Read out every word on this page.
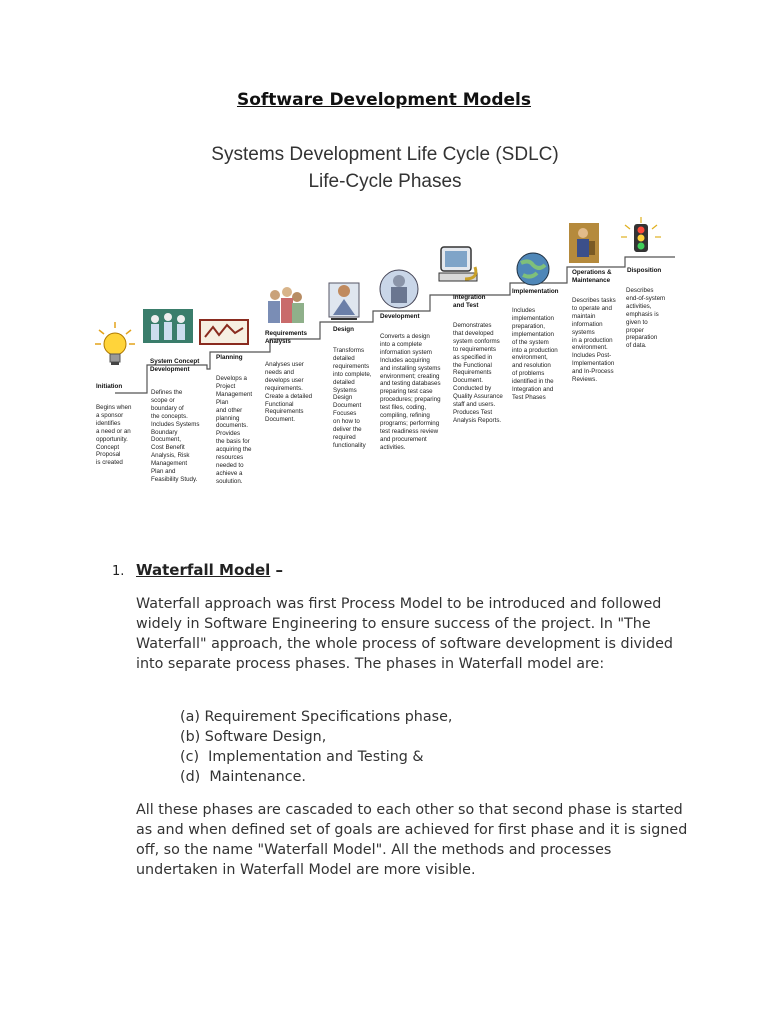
Software Development Models
Systems Development Life Cycle (SDLC)
Life-Cycle Phases
Initiation
System Concept
Development
Planning
Requirements
Analysis
Design
Development
Integration
and Test
Implementation
Operations &
Maintenance
Disposition
Begins when
a sponsor
identifies
a need or an
opportunity.
Concept
Proposal
is created
Defines the
scope or
boundary of
the concepts.
Includes Systems
Boundary
Document,
Cost Benefit
Analysis, Risk
Management
Plan and
Feasibility Study.
Develops a
Project
Management
Plan
and other
planning
documents.
Provides
the basis for
acquiring the
resources
needed to
achieve a
soulution.
Analyses user
needs and
develops user
requirements.
Create a detailed
Functional
Requirements
Document.
Transforms
detailed
requirements
into complete,
detailed
Systems
Design
Document
Focuses
on how to
deliver the
required
functionality
Converts a design
into a complete
information system
Includes acquiring
and installing systems
environment; creating
and testing databases
preparing test case
procedures; preparing
test files, coding,
compiling, refining
programs; performing
test readiness review
and procurement
activities.
Demonstrates
that developed
system conforms
to requirements
as specified in
the Functional
Requirements
Document.
Conducted by
Quality Assurance
staff and users.
Produces Test
Analysis Reports.
Includes
implementation
preparation,
implementation
of the system
into a production
environment,
and resolution
of problems
identified in the
Integration and
Test Phases
Describes tasks
to operate and
maintain
information
systems
in a production
environment.
Includes Post-
Implementation
and In-Process
Reviews.
Describes
end-of-system
activities,
emphasis is
given to
proper
preparation
of data.
1. Waterfall Model –

Waterfall approach was first Process Model to be introduced and followed widely in Software Engineering to ensure success of the project. In "The Waterfall" approach, the whole process of software development is divided into separate process phases. The phases in Waterfall model are:

(a) Requirement Specifications phase,
(b) Software Design,
(c)  Implementation and Testing &
(d)  Maintenance.

All these phases are cascaded to each other so that second phase is started as and when defined set of goals are achieved for first phase and it is signed off, so the name "Waterfall Model". All the methods and processes undertaken in Waterfall Model are more visible.
